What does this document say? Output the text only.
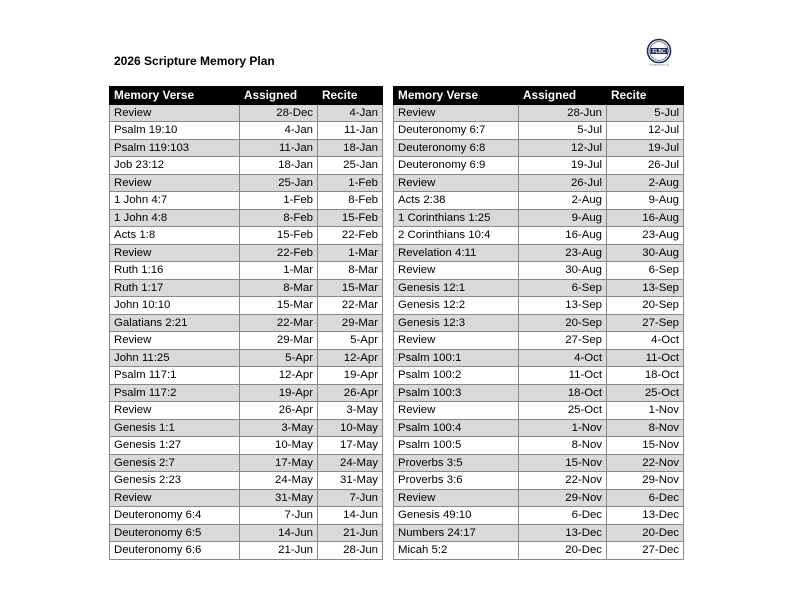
2026 Scripture Memory Plan
FLBC
www.flbcministries.org
Memory Verse	Assigned	Recite
Review	28-Dec	4-Jan
Psalm 19:10	4-Jan	11-Jan
Psalm 119:103	11-Jan	18-Jan
Job 23:12	18-Jan	25-Jan
Review	25-Jan	1-Feb
1 John 4:7	1-Feb	8-Feb
1 John 4:8	8-Feb	15-Feb
Acts 1:8	15-Feb	22-Feb
Review	22-Feb	1-Mar
Ruth 1:16	1-Mar	8-Mar
Ruth 1:17	8-Mar	15-Mar
John 10:10	15-Mar	22-Mar
Galatians 2:21	22-Mar	29-Mar
Review	29-Mar	5-Apr
John 11:25	5-Apr	12-Apr
Psalm 117:1	12-Apr	19-Apr
Psalm 117:2	19-Apr	26-Apr
Review	26-Apr	3-May
Genesis 1:1	3-May	10-May
Genesis 1:27	10-May	17-May
Genesis 2:7	17-May	24-May
Genesis 2:23	24-May	31-May
Review	31-May	7-Jun
Deuteronomy 6:4	7-Jun	14-Jun
Deuteronomy 6:5	14-Jun	21-Jun
Deuteronomy 6:6	21-Jun	28-Jun
Memory Verse	Assigned	Recite
Review	28-Jun	5-Jul
Deuteronomy 6:7	5-Jul	12-Jul
Deuteronomy 6:8	12-Jul	19-Jul
Deuteronomy 6:9	19-Jul	26-Jul
Review	26-Jul	2-Aug
Acts 2:38	2-Aug	9-Aug
1 Corinthians 1:25	9-Aug	16-Aug
2 Corinthians 10:4	16-Aug	23-Aug
Revelation 4:11	23-Aug	30-Aug
Review	30-Aug	6-Sep
Genesis 12:1	6-Sep	13-Sep
Genesis 12:2	13-Sep	20-Sep
Genesis 12:3	20-Sep	27-Sep
Review	27-Sep	4-Oct
Psalm 100:1	4-Oct	11-Oct
Psalm 100:2	11-Oct	18-Oct
Psalm 100:3	18-Oct	25-Oct
Review	25-Oct	1-Nov
Psalm 100:4	1-Nov	8-Nov
Psalm 100:5	8-Nov	15-Nov
Proverbs 3:5	15-Nov	22-Nov
Proverbs 3:6	22-Nov	29-Nov
Review	29-Nov	6-Dec
Genesis 49:10	6-Dec	13-Dec
Numbers 24:17	13-Dec	20-Dec
Micah 5:2	20-Dec	27-Dec
